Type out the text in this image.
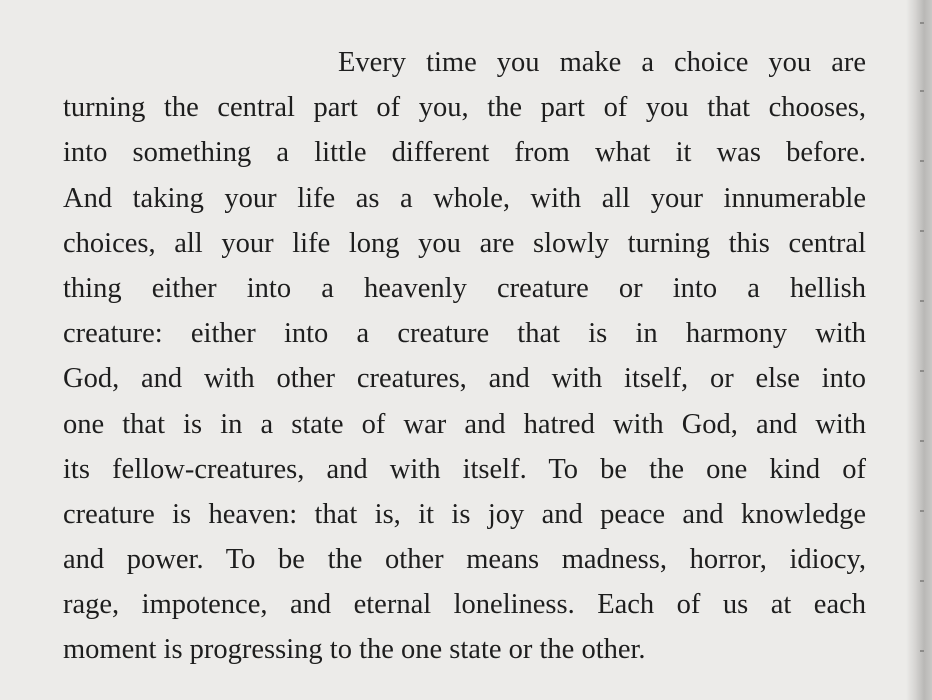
Every time you make a choice you are
turning the central part of you, the part of you that chooses,
into something a little different from what it was before.
And taking your life as a whole, with all your innumerable
choices, all your life long you are slowly turning this central
thing either into a heavenly creature or into a hellish
creature: either into a creature that is in harmony with
God, and with other creatures, and with itself, or else into
one that is in a state of war and hatred with God, and with
its fellow-creatures, and with itself. To be the one kind of
creature is heaven: that is, it is joy and peace and knowledge
and power. To be the other means madness, horror, idiocy,
rage, impotence, and eternal loneliness. Each of us at each
moment is progressing to the one state or the other.
